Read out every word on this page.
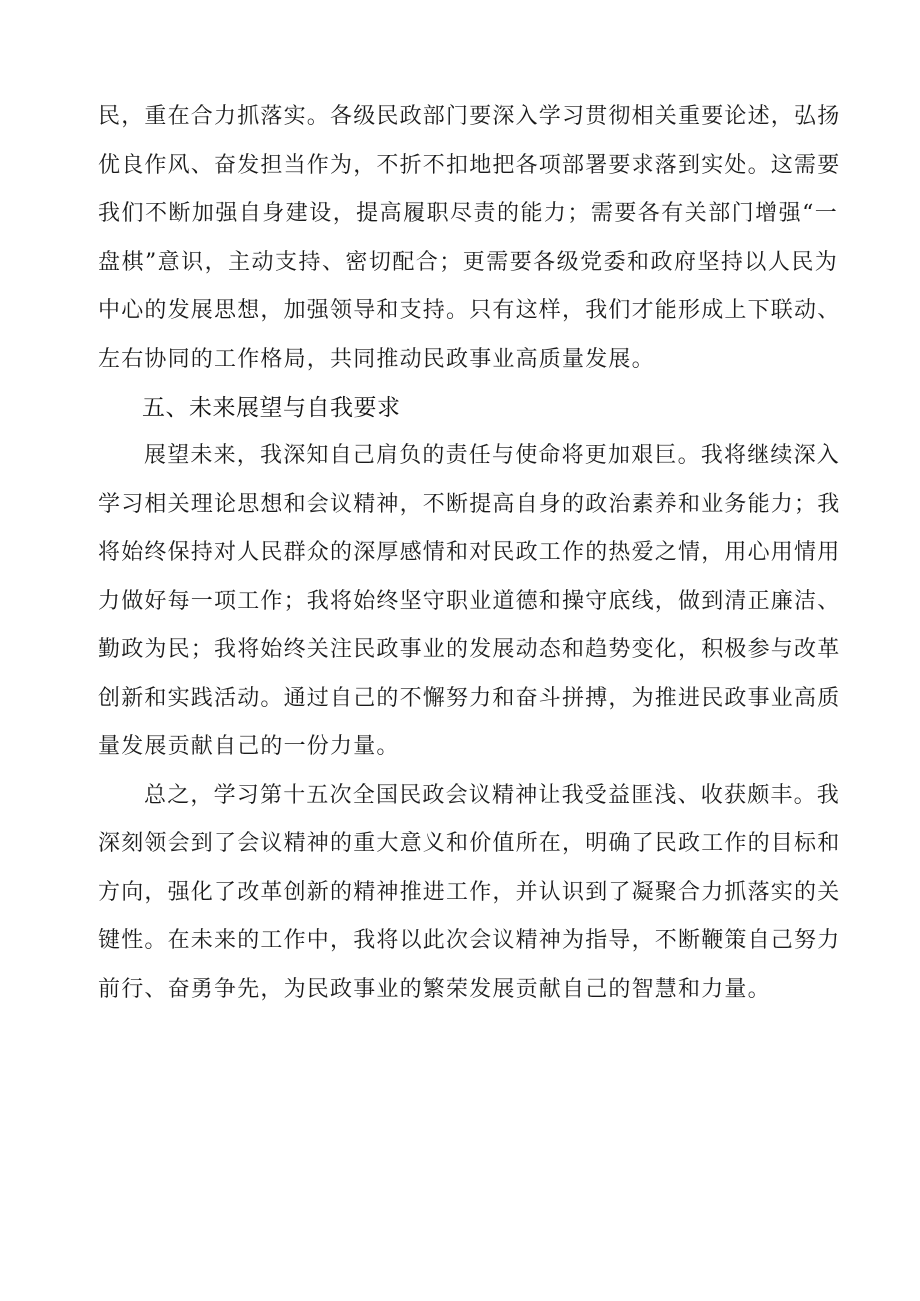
民，重在合力抓落实。各级民政部门要深入学习贯彻相关重要论述，弘扬
优良作风、奋发担当作为，不折不扣地把各项部署要求落到实处。这需要
我们不断加强自身建设，提高履职尽责的能力；需要各有关部门增强“一
盘棋”意识，主动支持、密切配合；更需要各级党委和政府坚持以人民为
中心的发展思想，加强领导和支持。只有这样，我们才能形成上下联动、
左右协同的工作格局，共同推动民政事业高质量发展。
五、未来展望与自我要求
展望未来，我深知自己肩负的责任与使命将更加艰巨。我将继续深入
学习相关理论思想和会议精神，不断提高自身的政治素养和业务能力；我
将始终保持对人民群众的深厚感情和对民政工作的热爱之情，用心用情用
力做好每一项工作；我将始终坚守职业道德和操守底线，做到清正廉洁、
勤政为民；我将始终关注民政事业的发展动态和趋势变化，积极参与改革
创新和实践活动。通过自己的不懈努力和奋斗拼搏，为推进民政事业高质
量发展贡献自己的一份力量。
总之，学习第十五次全国民政会议精神让我受益匪浅、收获颇丰。我
深刻领会到了会议精神的重大意义和价值所在，明确了民政工作的目标和
方向，强化了改革创新的精神推进工作，并认识到了凝聚合力抓落实的关
键性。在未来的工作中，我将以此次会议精神为指导，不断鞭策自己努力
前行、奋勇争先，为民政事业的繁荣发展贡献自己的智慧和力量。
